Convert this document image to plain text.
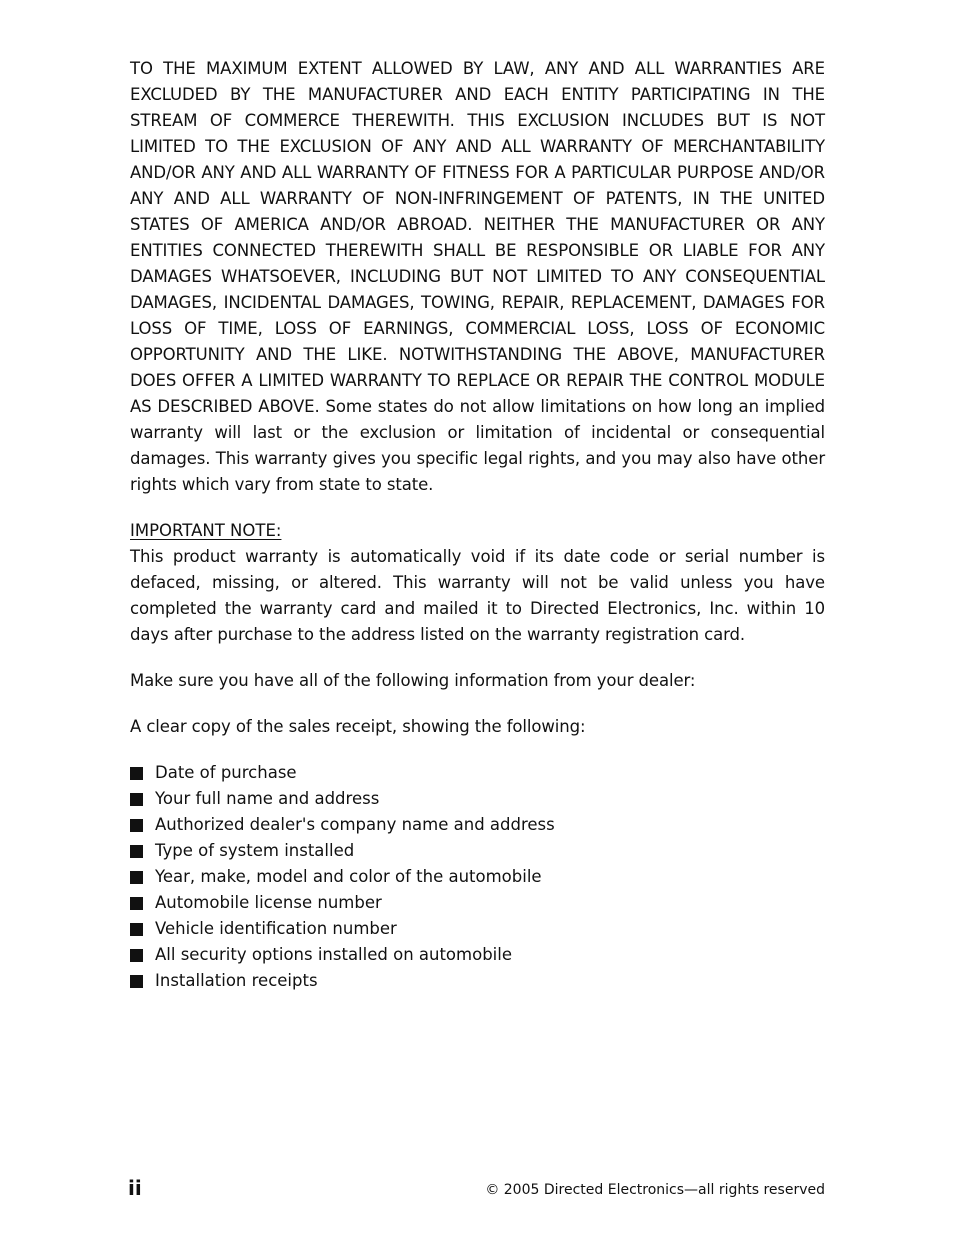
TO THE MAXIMUM EXTENT ALLOWED BY LAW, ANY AND ALL WARRANTIES ARE EXCLUDED BY THE MANUFACTURER AND EACH ENTITY PARTICIPATING IN THE STREAM OF COMMERCE THEREWITH. THIS EXCLUSION INCLUDES BUT IS NOT LIMITED TO THE EXCLUSION OF ANY AND ALL WARRANTY OF MERCHANTABILITY AND/OR ANY AND ALL WARRANTY OF FITNESS FOR A PARTICULAR PURPOSE AND/OR ANY AND ALL WARRANTY OF NON-INFRINGEMENT OF PATENTS, IN THE UNITED STATES OF AMERICA AND/OR ABROAD. NEITHER THE MANUFACTURER OR ANY ENTITIES CONNECTED THEREWITH SHALL BE RESPONSIBLE OR LIABLE FOR ANY DAMAGES WHATSOEVER, INCLUDING BUT NOT LIMITED TO ANY CONSEQUENTIAL DAMAGES, INCIDENTAL DAMAGES, TOWING, REPAIR, REPLACEMENT, DAMAGES FOR LOSS OF TIME, LOSS OF EARNINGS, COMMERCIAL LOSS, LOSS OF ECONOMIC OPPORTUNITY AND THE LIKE. NOTWITHSTANDING THE ABOVE, MANUFACTURER DOES OFFER A LIMITED WARRANTY TO REPLACE OR REPAIR THE CONTROL MODULE AS DESCRIBED ABOVE. Some states do not allow limitations on how long an implied warranty will last or the exclusion or limitation of incidental or consequential damages. This warranty gives you specific legal rights, and you may also have other rights which vary from state to state.

IMPORTANT NOTE:

This product warranty is automatically void if its date code or serial number is defaced, missing, or altered. This warranty will not be valid unless you have completed the warranty card and mailed it to Directed Electronics, Inc. within 10 days after purchase to the address listed on the warranty registration card.

Make sure you have all of the following information from your dealer:

A clear copy of the sales receipt, showing the following:

Date of purchase
Your full name and address
Authorized dealer's company name and address
Type of system installed
Year, make, model and color of the automobile
Automobile license number
Vehicle identification number
All security options installed on automobile
Installation receipts
ii	© 2005 Directed Electronics—all rights reserved
